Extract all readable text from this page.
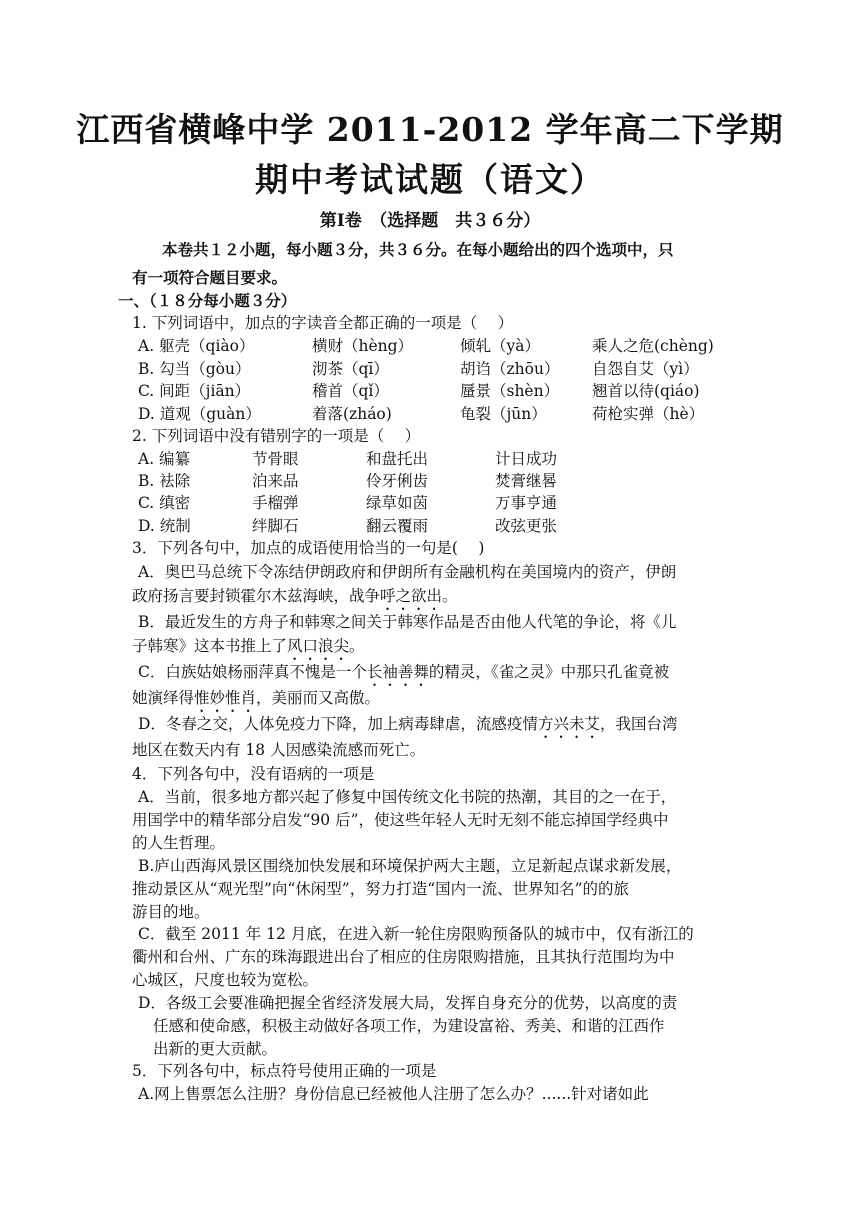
江西省横峰中学 2011-2012 学年高二下学期
期中考试试题（语文）
第Ⅰ卷　（选择题　共３６分）
本卷共１２小题，每小题３分，共３６分。在每小题给出的四个选项中，只
有一项符合题目要求。
一、（１８分每小题３分）
1. 下列词语中，加点的字读音全都正确的一项是（　 ）
A. 躯壳（qiào）	横财（hèng）	倾轧（yà）	乘人之危(chèng)
B. 勾当（gòu）	沏茶（qī）	胡诌（zhōu） 自怨自艾（yì）
C. 间距（jiān）	稽首（qǐ）	蜃景（shèn） 翘首以待(qiáo)
D. 道观（guàn）	着落(zháo)	龟裂（jūn）	荷枪实弹（hè）
2. 下列词语中没有错别字的一项是（　 ）
A. 编纂	节骨眼	和盘托出	计日成功
B. 袪除	泊来品	伶牙俐齿	焚膏继晷
C. 缜密	手榴弹	绿草如茵	万事亨通
D. 统制	绊脚石	翻云覆雨	改弦更张
3．下列各句中，加点的成语使用恰当的一句是(　 )
A．奥巴马总统下令冻结伊朗政府和伊朗所有金融机构在美国境内的资产，伊朗
政府扬言要封锁霍尔木兹海峡，战争呼之欲出。
B．最近发生的方舟子和韩寒之间关于韩寒作品是否由他人代笔的争论，将《儿
子韩寒》这本书推上了风口浪尖。
C．白族姑娘杨丽萍真不愧是一个长袖善舞的精灵，《雀之灵》中那只孔雀竟被
她演绎得惟妙惟肖，美丽而又高傲。
D．冬春之交，人体免疫力下降，加上病毒肆虐，流感疫情方兴未艾，我国台湾
地区在数天内有 18 人因感染流感而死亡。
4．下列各句中，没有语病的一项是
A．当前，很多地方都兴起了修复中国传统文化书院的热潮，其目的之一在于，
用国学中的精华部分启发“90 后”，使这些年轻人无时无刻不能忘掉国学经典中
的人生哲理。
B.庐山西海风景区围绕加快发展和环境保护两大主题，立足新起点谋求新发展，
推动景区从“观光型”向“休闲型”，努力打造“国内一流、世界知名”的的旅
游目的地。
C．截至 2011 年 12 月底，在进入新一轮住房限购预备队的城市中，仅有浙江的
衢州和台州、广东的珠海跟进出台了相应的住房限购措施，且其执行范围均为中
心城区，尺度也较为宽松。
D．各级工会要准确把握全省经济发展大局，发挥自身充分的优势，以高度的责
任感和使命感，积极主动做好各项工作，为建设富裕、秀美、和谐的江西作
出新的更大贡献。
5．下列各句中，标点符号使用正确的一项是
A.网上售票怎么注册？身份信息已经被他人注册了怎么办？......针对诸如此
